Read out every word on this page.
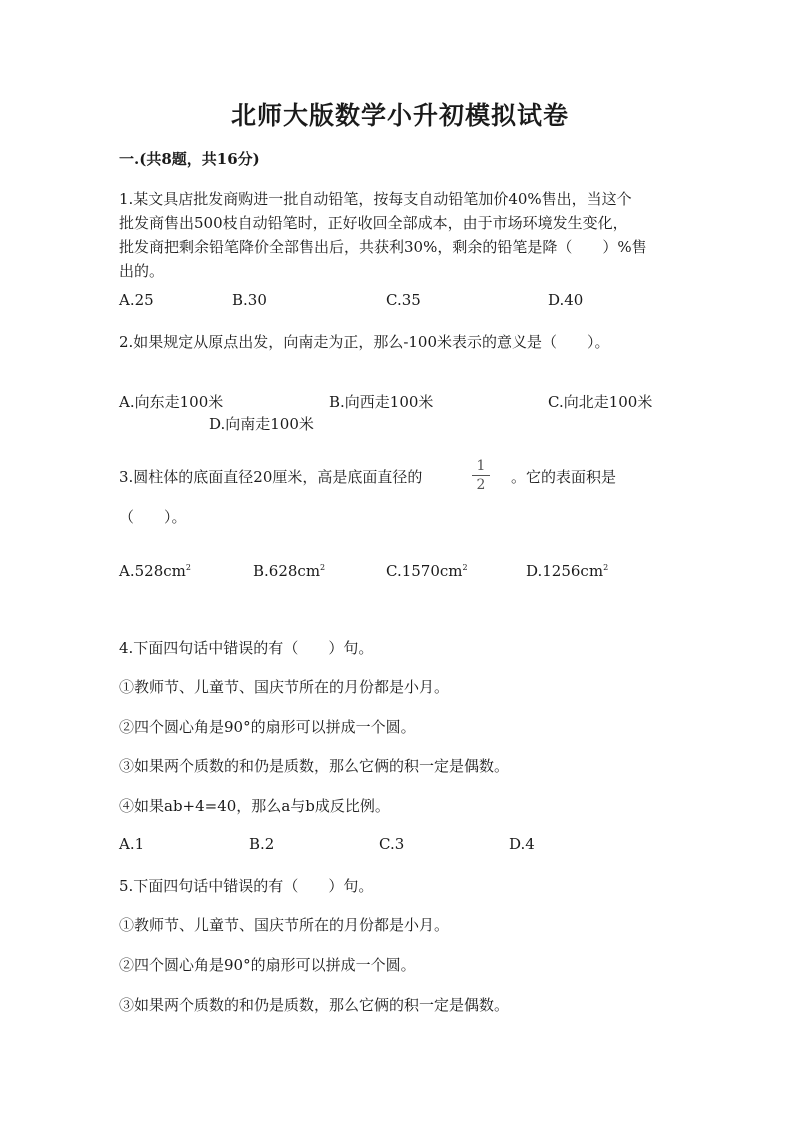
北师大版数学小升初模拟试卷
一.(共8题，共16分)
1.某文具店批发商购进一批自动铅笔，按每支自动铅笔加价40%售出，当这个
批发商售出500枝自动铅笔时，正好收回全部成本，由于市场环境发生变化，
批发商把剩余铅笔降价全部售出后，共获利30%，剩余的铅笔是降（　　）%售
出的。
A.25	B.30	C.35	D.40
2.如果规定从原点出发，向南走为正，那么-100米表示的意义是（　　）。
A.向东走100米	B.向西走100米	C.向北走100米
D.向南走100米
3.圆柱体的底面直径20厘米，高是底面直径的
1
2	。它的表面积是
（　　）。
$A.528cm^2$	$B.628cm^2$	$C.1570cm^2$	$D.1256cm^2$
4.下面四句话中错误的有（　　）句。
①教师节、儿童节、国庆节所在的月份都是小月。
②四个圆心角是90°的扇形可以拼成一个圆。
③如果两个质数的和仍是质数，那么它俩的积一定是偶数。
④如果ab+4=40，那么a与b成反比例。
A.1	B.2	C.3	D.4
5.下面四句话中错误的有（　　）句。
①教师节、儿童节、国庆节所在的月份都是小月。
②四个圆心角是90°的扇形可以拼成一个圆。
③如果两个质数的和仍是质数，那么它俩的积一定是偶数。
